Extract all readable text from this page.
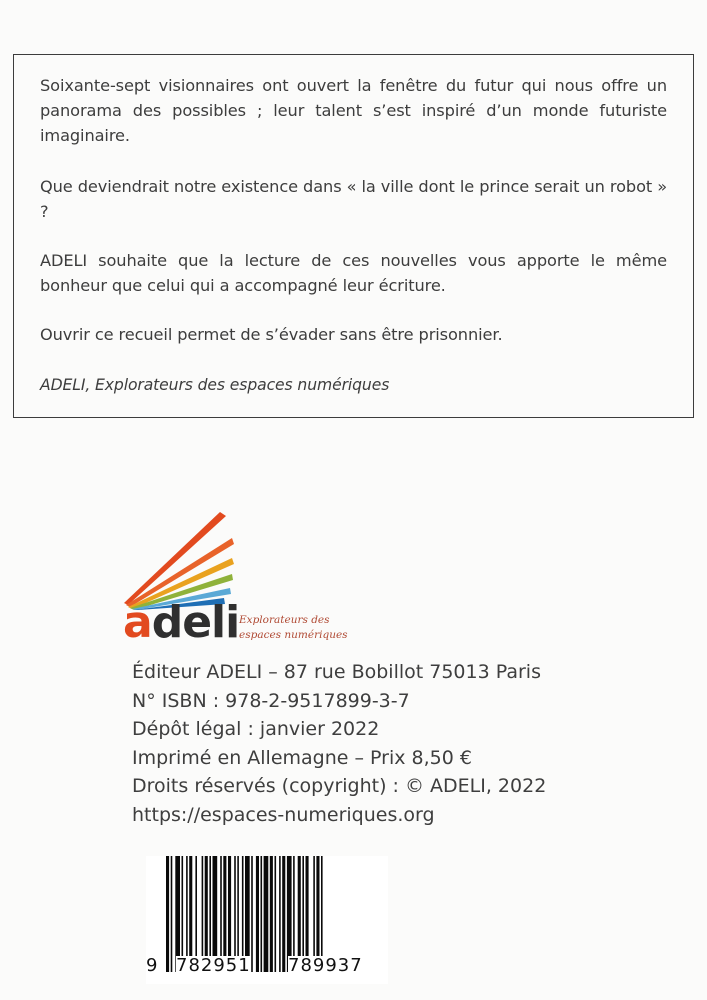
Soixante-sept visionnaires ont ouvert la fenêtre du futur qui nous offre un panorama des possibles ; leur talent s’est inspiré d’un monde futuriste imaginaire.

Que deviendrait notre existence dans « la ville dont le prince serait un robot » ?

ADELI souhaite que la lecture de ces nouvelles vous apporte le même bonheur que celui qui a accompagné leur écriture.

Ouvrir ce recueil permet de s’évader sans être prisonnier.

ADELI, Explorateurs des espaces numériques

adeli Explorateurs des espaces numériques
Éditeur ADELI – 87 rue Bobillot 75013 Paris
N° ISBN : 978-2-9517899-3-7
Dépôt légal : janvier 2022
Imprimé en Allemagne – Prix 8,50 €
Droits réservés (copyright) : © ADELI, 2022
https://espaces-numeriques.org
9 782951 789937
